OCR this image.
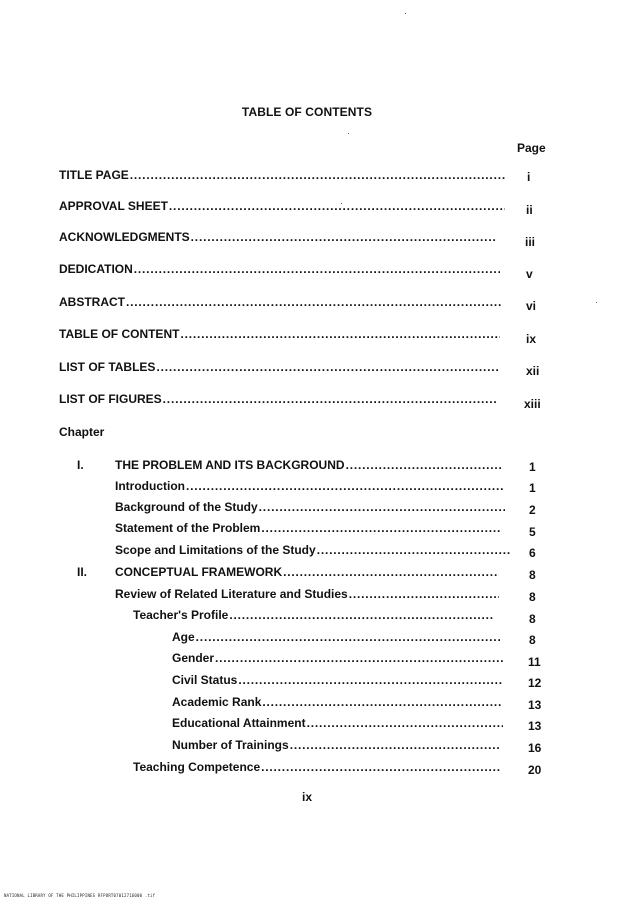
TABLE OF CONTENTS
Page
TITLE PAGE .....	i
APPROVAL SHEET .....	ii
ACKNOWLEDGMENTS .....	iii
DEDICATION .....	v
ABSTRACT .....	vi
TABLE OF CONTENT .....	ix
LIST OF TABLES .....	xii
LIST OF FIGURES .....	xiii
Chapter
I.	THE PROBLEM AND ITS BACKGROUND .....	1
Introduction .....	1
Background of the Study .....	2
Statement of the Problem .....	5
Scope and Limitations of the Study .....	6
II. CONCEPTUAL FRAMEWORK .....	8
Review of Related Literature and Studies .....	8
Teacher's Profile .....	8
Age .....	8
Gender .....	11
Civil Status .....	12
Academic Rank .....	13
Educational Attainment .....	13
Number of Trainings .....	16
Teaching Competence .....	20
ix
NATIONAL LIBRARY OF THE PHILIPPINES RFPORT07012716000 .tif
